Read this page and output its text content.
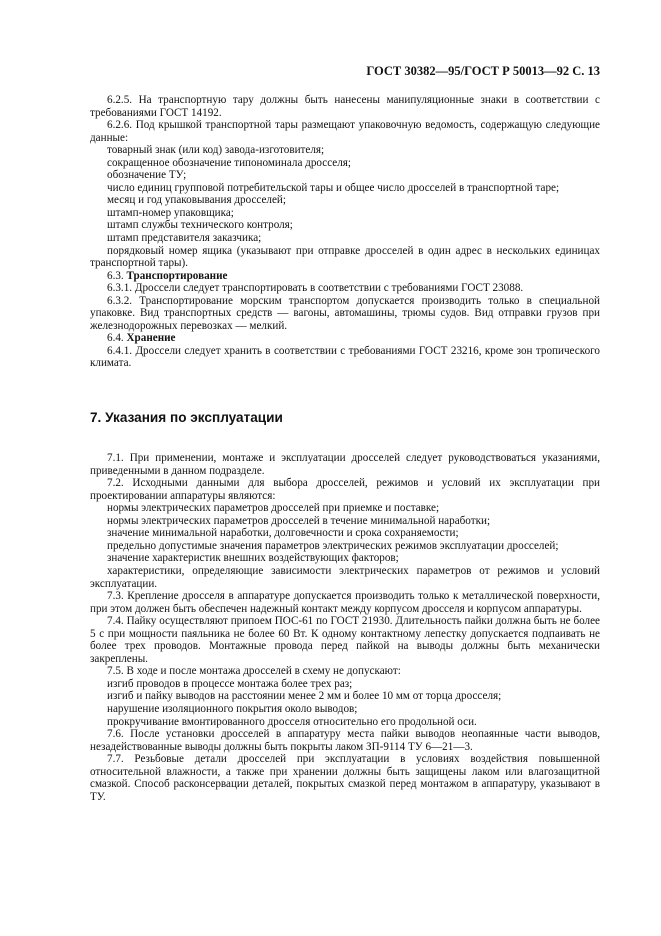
ГОСТ 30382—95/ГОСТ Р 50013—92 С. 13

6.2.5. На транспортную тару должны быть нанесены манипуляционные знаки в соответствии с требованиями ГОСТ 14192.

6.2.6. Под крышкой транспортной тары размещают упаковочную ведомость, содержащую следующие данные:

товарный знак (или код) завода-изготовителя;

сокращенное обозначение типономинала дросселя;

обозначение ТУ;

число единиц групповой потребительской тары и общее число дросселей в транспортной таре;

месяц и год упаковывания дросселей;

штамп-номер упаковщика;

штамп службы технического контроля;

штамп представителя заказчика;

порядковый номер ящика (указывают при отправке дросселей в один адрес в нескольких единицах транспортной тары).

6.3. Транспортирование

6.3.1. Дроссели следует транспортировать в соответствии с требованиями ГОСТ 23088.

6.3.2. Транспортирование морским транспортом допускается производить только в специальной упаковке. Вид транспортных средств — вагоны, автомашины, трюмы судов. Вид отправки грузов при железнодорожных перевозках — мелкий.

6.4. Хранение

6.4.1. Дроссели следует хранить в соответствии с требованиями ГОСТ 23216, кроме зон тропического климата.

7. Указания по эксплуатации

7.1. При применении, монтаже и эксплуатации дросселей следует руководствоваться указаниями, приведенными в данном подразделе.

7.2. Исходными данными для выбора дросселей, режимов и условий их эксплуатации при проектировании аппаратуры являются:

нормы электрических параметров дросселей при приемке и поставке;

нормы электрических параметров дросселей в течение минимальной наработки;

значение минимальной наработки, долговечности и срока сохраняемости;

предельно допустимые значения параметров электрических режимов эксплуатации дросселей;

значение характеристик внешних воздействующих факторов;

характеристики, определяющие зависимости электрических параметров от режимов и условий эксплуатации.

7.3. Крепление дросселя в аппаратуре допускается производить только к металлической поверхности, при этом должен быть обеспечен надежный контакт между корпусом дросселя и корпусом аппаратуры.

7.4. Пайку осуществляют припоем ПОС-61 по ГОСТ 21930. Длительность пайки должна быть не более 5 с при мощности паяльника не более 60 Вт. К одному контактному лепестку допускается подпаивать не более трех проводов. Монтажные провода перед пайкой на выводы должны быть механически закреплены.

7.5. В ходе и после монтажа дросселей в схему не допускают:

изгиб проводов в процессе монтажа более трех раз;

изгиб и пайку выводов на расстоянии менее 2 мм и более 10 мм от торца дросселя;

нарушение изоляционного покрытия около выводов;

прокручивание вмонтированного дросселя относительно его продольной оси.

7.6. После установки дросселей в аппаратуру места пайки выводов неопаянные части выводов, незадействованные выводы должны быть покрыты лаком ЗП-9114 ТУ 6—21—3.

7.7. Резьбовые детали дросселей при эксплуатации в условиях воздействия повышенной относительной влажности, а также при хранении должны быть защищены лаком или влагозащитной смазкой. Способ расконсервации деталей, покрытых смазкой перед монтажом в аппаратуру, указывают в ТУ.
